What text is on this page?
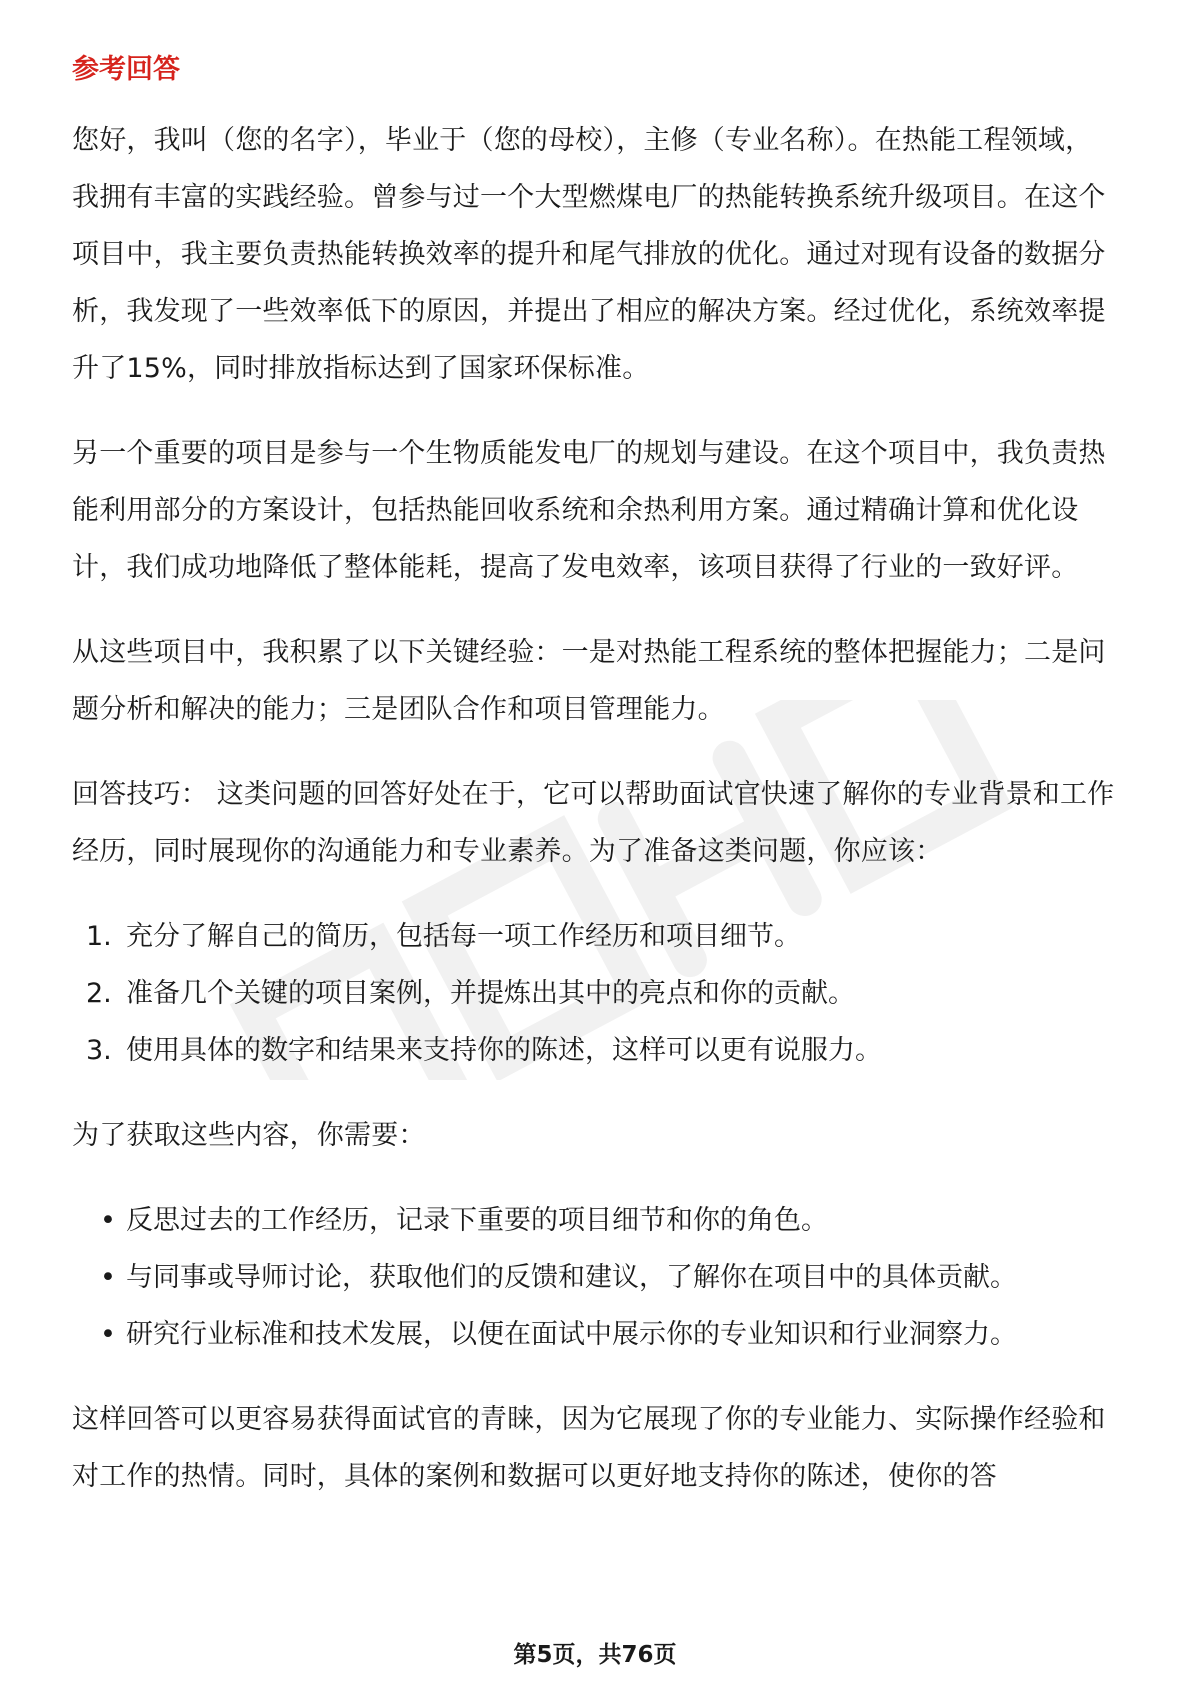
参考回答

您好，我叫（您的名字），毕业于（您的母校），主修（专业名称）。在热能工程领域，我拥有丰富的实践经验。曾参与过一个大型燃煤电厂的热能转换系统升级项目。在这个项目中，我主要负责热能转换效率的提升和尾气排放的优化。通过对现有设备的数据分析，我发现了一些效率低下的原因，并提出了相应的解决方案。经过优化，系统效率提升了15%，同时排放指标达到了国家环保标准。

另一个重要的项目是参与一个生物质能发电厂的规划与建设。在这个项目中，我负责热能利用部分的方案设计，包括热能回收系统和余热利用方案。通过精确计算和优化设计，我们成功地降低了整体能耗，提高了发电效率，该项目获得了行业的一致好评。

从这些项目中，我积累了以下关键经验：一是对热能工程系统的整体把握能力；二是问题分析和解决的能力；三是团队合作和项目管理能力。

回答技巧： 这类问题的回答好处在于，它可以帮助面试官快速了解你的专业背景和工作经历，同时展现你的沟通能力和专业素养。为了准备这类问题，你应该：

1. 充分了解自己的简历，包括每一项工作经历和项目细节。
2. 准备几个关键的项目案例，并提炼出其中的亮点和你的贡献。
3. 使用具体的数字和结果来支持你的陈述，这样可以更有说服力。

为了获取这些内容，你需要：

• 反思过去的工作经历，记录下重要的项目细节和你的角色。
• 与同事或导师讨论，获取他们的反馈和建议，了解你在项目中的具体贡献。
• 研究行业标准和技术发展，以便在面试中展示你的专业知识和行业洞察力。

这样回答可以更容易获得面试官的青睐，因为它展现了你的专业能力、实际操作经验和对工作的热情。同时，具体的案例和数据可以更好地支持你的陈述，使你的答

第5页，共76页
